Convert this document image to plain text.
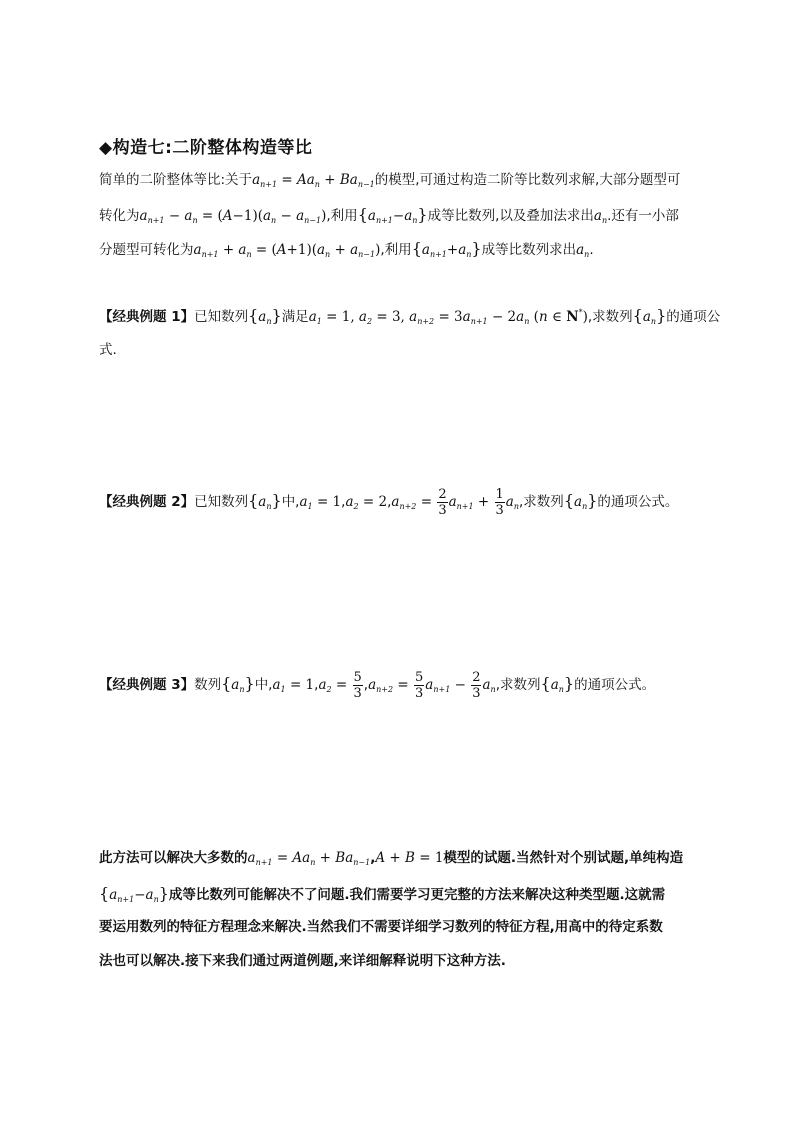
◆构造七:二阶整体构造等比
简单的二阶整体等比:关于$a_{n+1} = Aa_n + Ba_{n-1}$的模型,可通过构造二阶等比数列求解,大部分题型可
转化为$a_{n+1} - a_n = (A-1)(a_n - a_{n-1})$,利用$\{a_{n+1}-a_n\}$成等比数列,以及叠加法求出$a_n$.还有一小部
分题型可转化为$a_{n+1} + a_n = (A+1)(a_n + a_{n-1})$,利用$\{a_{n+1}+a_n\}$成等比数列求出$a_n$.
【经典例题 1】已知数列$\{a_n\}$满足$a_1 = 1$, $a_2 = 3$, $a_{n+2} = 3a_{n+1} - 2a_n$ (n ∈ N*),求数列$\{a_n\}$的通项公
式.
【经典例题 2】已知数列$\{a_n\}$中$,a_1 = 1,a_2 = 2,a_{n+2} = \frac{2}{3} a_{n+1} + \frac{1}{3} a_n$,求数列$\{a_n\}$的通项公式。
【经典例题 3】数列$\{a_n\}$中$,a_1 = 1,a_2 = \frac{5}{3} ,a_{n+2} = \frac{5}{3} a_{n+1} - \frac{2}{3} a_n$,求数列$\{a_n\}$的通项公式。
此方法可以解决大多数的$a_{n+1} = Aa_n + Ba_{n-1},A + B = 1$模型的试题.当然针对个别试题,单纯构造
$\{a_{n+1}-a_n\}$成等比数列可能解决不了问题.我们需要学习更完整的方法来解决这种类型题.这就需
要运用数列的特征方程理念来解决.当然我们不需要详细学习数列的特征方程,用高中的待定系数
法也可以解决.接下来我们通过两道例题,来详细解释说明下这种方法.
